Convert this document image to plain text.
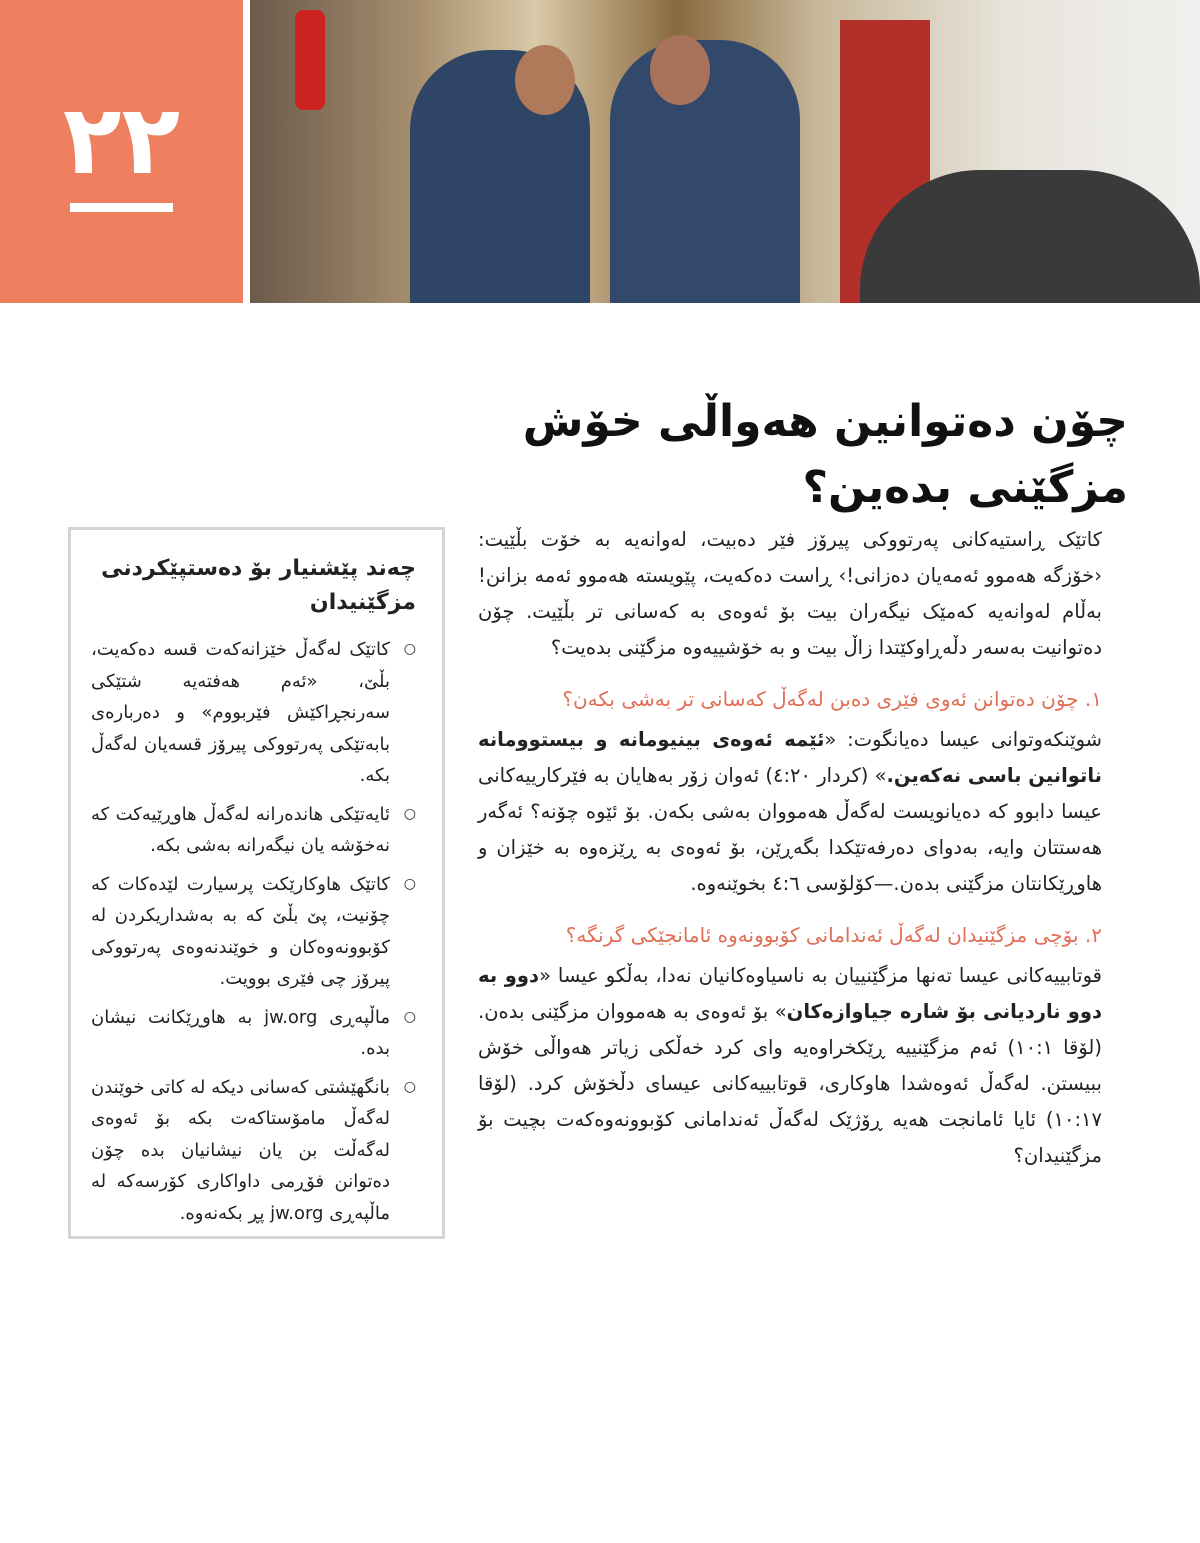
٢٢
چۆن دەتوانین هەواڵی خۆش مزگێنی بدەین؟

کاتێک ڕاستیەکانی پەرتووکی پیرۆز فێر دەبیت، لەوانەیە بە خۆت بڵێیت: ‹خۆزگە هەموو ئەمەیان دەزانی!› ڕاست دەکەیت، پێویستە هەموو ئەمە بزانن! بەڵام لەوانەیە کەمێک نیگەران بیت بۆ ئەوەی بە کەسانی تر بڵێیت. چۆن دەتوانیت بەسەر دڵەڕاوکێتدا زاڵ بیت و بە خۆشییەوە مزگێنی بدەیت؟

١. چۆن دەتوانن ئەوی فێری دەبن لەگەڵ کەسانی تر بەشی بکەن؟

شوێنکەوتوانی عیسا دەیانگوت: «ئێمە ئەوەی بینیومانە و بیستوومانە ناتوانین باسی نەکەین.» (کردار ٤:٢٠) ئەوان زۆر بەهایان بە فێرکارییەکانی عیسا دابوو کە دەیانویست لەگەڵ هەمووان بەشی بکەن. بۆ ئێوە چۆنە؟ ئەگەر هەستتان وایە، بەدوای دەرفەتێکدا بگەڕێن، بۆ ئەوەی بە ڕێزەوە بە خێزان و هاوڕێکانتان مزگێنی بدەن.—کۆلۆسی ٤:٦ بخوێنەوە.

٢. بۆچی مزگێنیدان لەگەڵ ئەندامانی کۆبوونەوە ئامانجێکی گرنگە؟

قوتابییەکانی عیسا تەنها مزگێنییان بە ناسیاوەکانیان نەدا، بەڵکو عیسا «دوو بە دوو ناردیانی بۆ شارە جیاوازەکان» بۆ ئەوەی بە هەمووان مزگێنی بدەن. (لۆقا ١٠:١) ئەم مزگێنییە ڕێکخراوەیە وای کرد خەڵکی زیاتر هەواڵی خۆش ببیستن. لەگەڵ ئەوەشدا هاوکاری، قوتابییەکانی عیسای دڵخۆش کرد. (لۆقا ١٠:١٧) ئایا ئامانجت هەیە ڕۆژێک لەگەڵ ئەندامانی کۆبوونەوەکەت بچیت بۆ مزگێنیدان؟

چەند پێشنیار بۆ دەستپێکردنی مزگێنیدان
○
کاتێک لەگەڵ خێزانەکەت قسە دەکەیت، بڵێ، «ئەم هەفتەیە شتێکی سەرنجڕاکێش فێربووم» و دەربارەی بابەتێکی پەرتووکی پیرۆز قسەیان لەگەڵ بکە.
○
ئایەتێکی هاندەرانە لەگەڵ هاوڕێیەکت کە نەخۆشە یان نیگەرانە بەشی بکە.
○
کاتێک هاوکارێکت پرسیارت لێدەکات کە چۆنیت، پێ بڵێ کە بە بەشداریکردن لە کۆبوونەوەکان و خوێندنەوەی پەرتووکی پیرۆز چی فێری بوویت.
○
ماڵپەڕی jw.org بە هاوڕێکانت نیشان بدە.
○
بانگهێشتی کەسانی دیکە لە کاتی خوێندن لەگەڵ مامۆستاکەت بکە بۆ ئەوەی لەگەڵت بن یان نیشانیان بدە چۆن دەتوانن فۆڕمی داواکاری کۆرسەکە لە ماڵپەڕی jw.org پڕ بکەنەوە.
